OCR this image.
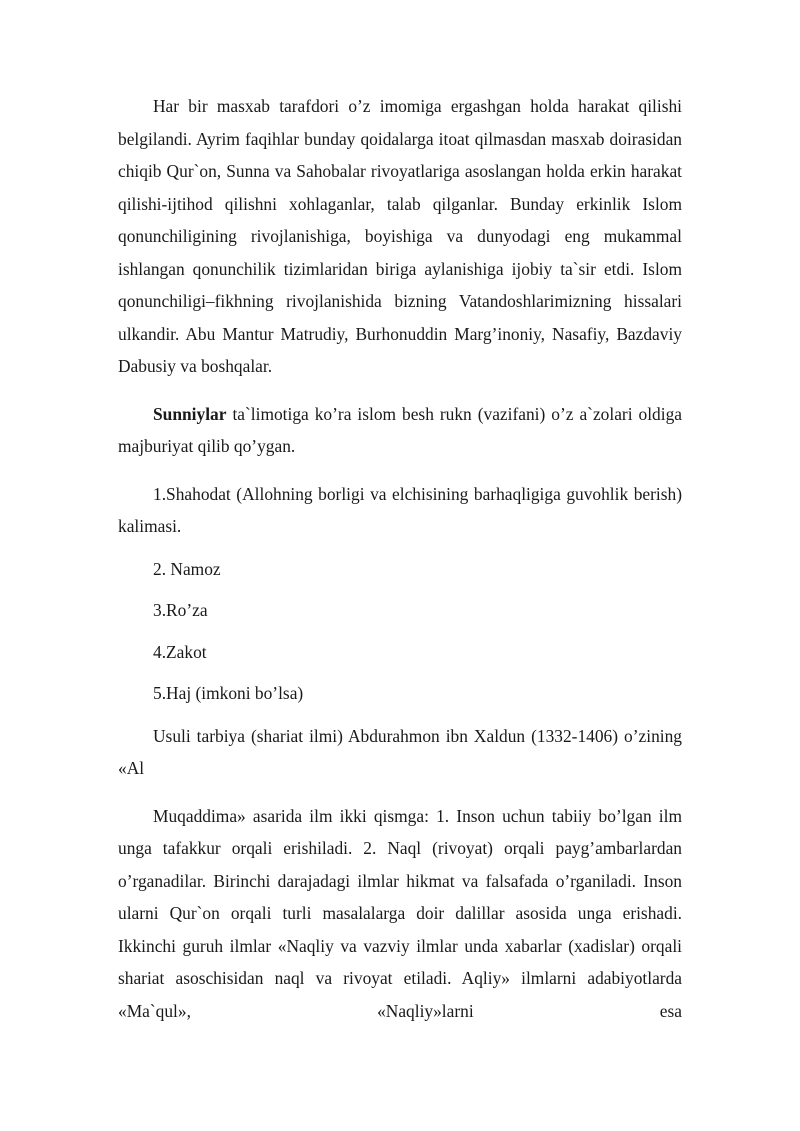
Har bir masxab tarafdori o’z imomiga ergashgan holda harakat qilishi belgilandi. Ayrim faqihlar bunday qoidalarga itoat qilmasdan masxab doirasidan chiqib Qur`on, Sunna va Sahobalar rivoyatlariga asoslangan holda erkin harakat qilishi-ijtihod qilishni xohlaganlar, talab qilganlar. Bunday erkinlik Islom qonunchiligining rivojlanishiga, boyishiga va dunyodagi eng mukammal ishlangan qonunchilik tizimlaridan biriga aylanishiga ijobiy ta`sir etdi. Islom qonunchiligi–fikhning rivojlanishida bizning Vatandoshlarimizning hissalari ulkandir. Abu Mantur Matrudiy, Burhonuddin Marg’inoniy, Nasafiy, Bazdaviy Dabusiy va boshqalar.

Sunniylar ta`limotiga ko’ra islom besh rukn (vazifani) o’z a`zolari oldiga majburiyat qilib qo’ygan.

1.Shahodat (Allohning borligi va elchisining barhaqligiga guvohlik berish) kalimasi.

2. Namoz

3.Ro’za

4.Zakot

5.Haj (imkoni bo’lsa)

Usuli tarbiya (shariat ilmi) Abdurahmon ibn Xaldun (1332-1406) o’zining «Al

Muqaddima» asarida ilm ikki qismga: 1. Inson uchun tabiiy bo’lgan ilm unga tafakkur orqali erishiladi. 2. Naql (rivoyat) orqali payg’ambarlardan o’rganadilar. Birinchi darajadagi ilmlar hikmat va falsafada o’rganiladi. Inson ularni Qur`on orqali turli masalalarga doir dalillar asosida unga erishadi. Ikkinchi guruh ilmlar «Naqliy va vazviy ilmlar unda xabarlar (xadislar) orqali shariat asoschisidan naql va rivoyat etiladi. Aqliy» ilmlarni adabiyotlarda «Ma`qul», «Naqliy»larni esa
